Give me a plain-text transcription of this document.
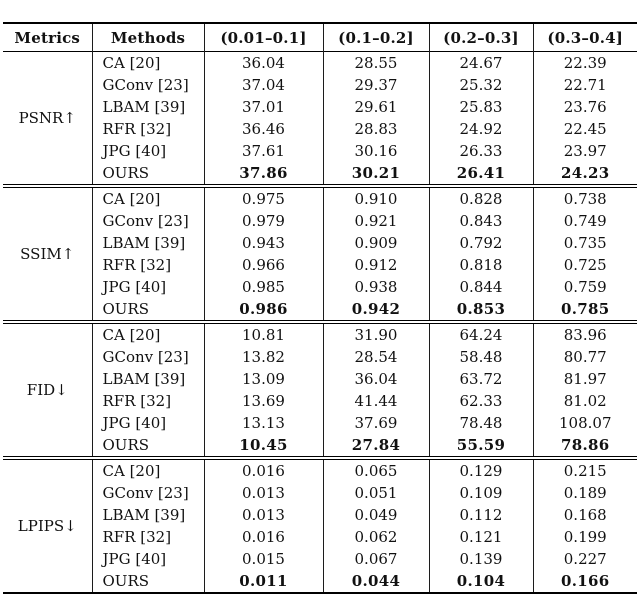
Metrics	Methods	(0.01–0.1]	(0.1–0.2]	(0.2–0.3]	(0.3–0.4]
PSNR↑	CA [20]	36.04	28.55	24.67	22.39
	GConv [23]	37.04	29.37	25.32	22.71
	LBAM [39]	37.01	29.61	25.83	23.76
	RFR [32]	36.46	28.83	24.92	22.45
	JPG [40]	37.61	30.16	26.33	23.97
	OURS	37.86	30.21	26.41	24.23
SSIM↑	CA [20]	0.975	0.910	0.828	0.738
	GConv [23]	0.979	0.921	0.843	0.749
	LBAM [39]	0.943	0.909	0.792	0.735
	RFR [32]	0.966	0.912	0.818	0.725
	JPG [40]	0.985	0.938	0.844	0.759
	OURS	0.986	0.942	0.853	0.785
FID↓	CA [20]	10.81	31.90	64.24	83.96
	GConv [23]	13.82	28.54	58.48	80.77
	LBAM [39]	13.09	36.04	63.72	81.97
	RFR [32]	13.69	41.44	62.33	81.02
	JPG [40]	13.13	37.69	78.48	108.07
	OURS	10.45	27.84	55.59	78.86
LPIPS↓	CA [20]	0.016	0.065	0.129	0.215
	GConv [23]	0.013	0.051	0.109	0.189
	LBAM [39]	0.013	0.049	0.112	0.168
	RFR [32]	0.016	0.062	0.121	0.199
	JPG [40]	0.015	0.067	0.139	0.227
	OURS	0.011	0.044	0.104	0.166
